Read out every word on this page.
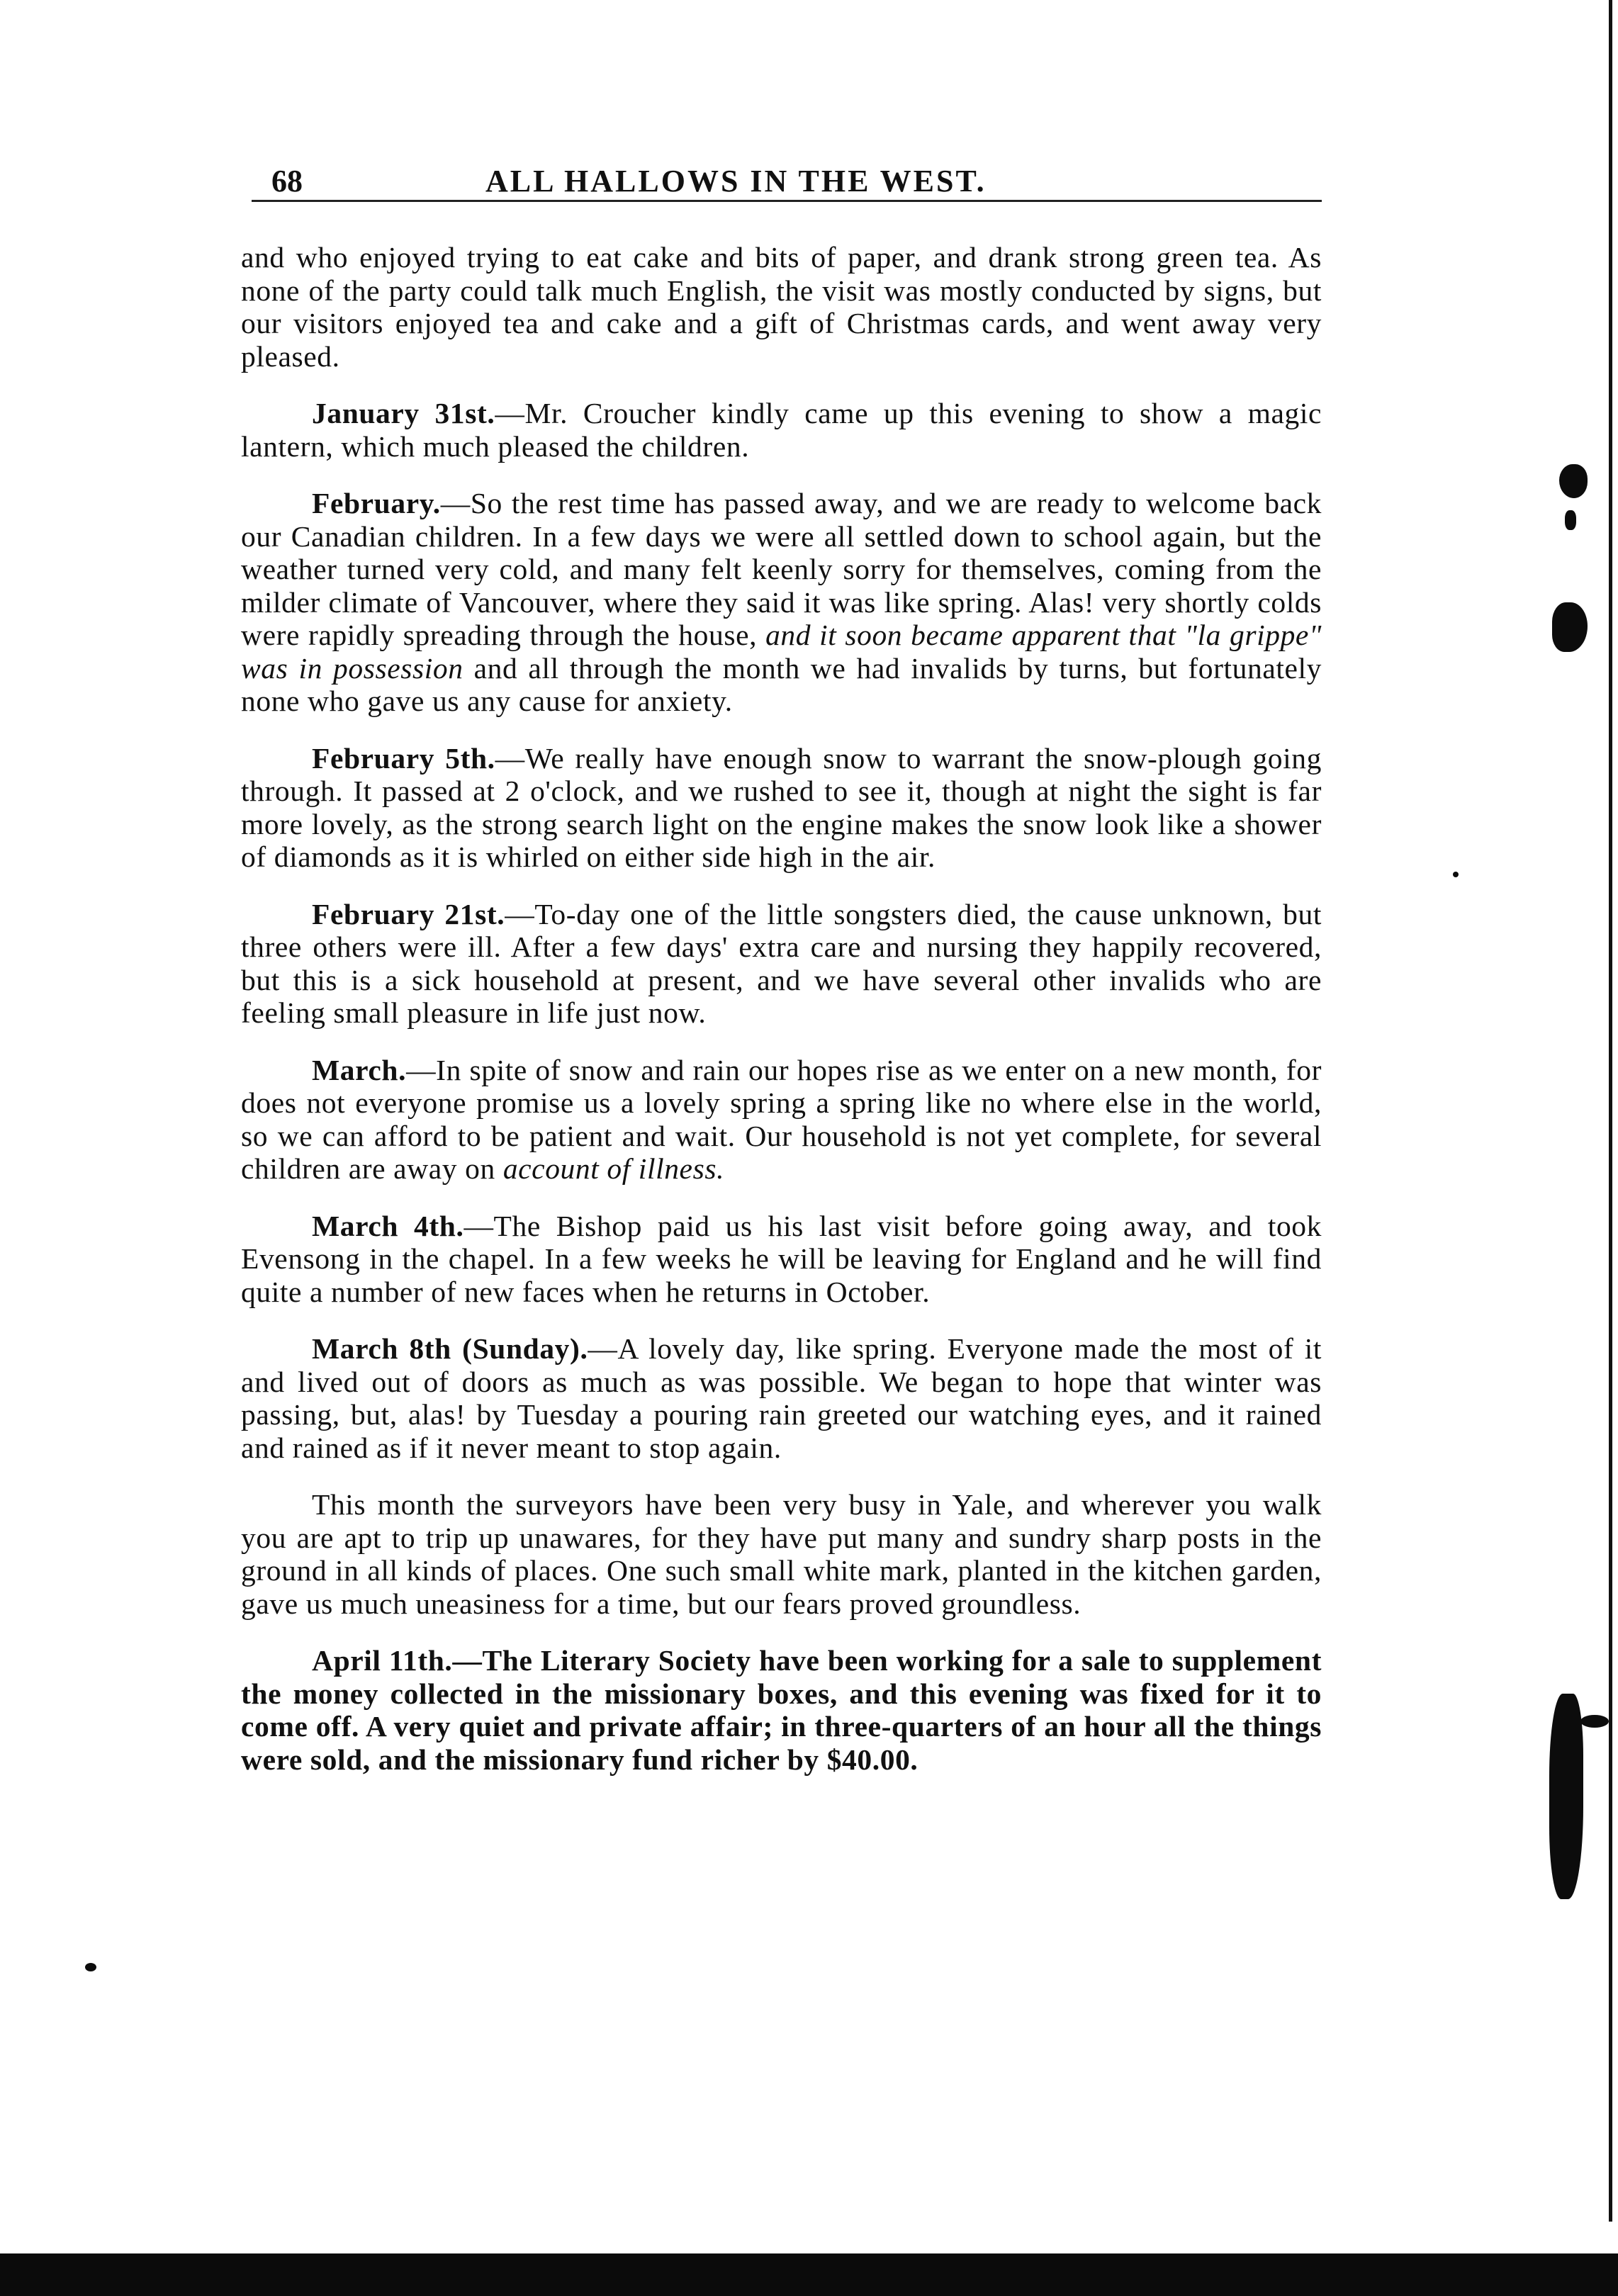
68	ALL HALLOWS IN THE WEST.

and who enjoyed trying to eat cake and bits of paper, and drank strong green tea. As none of the party could talk much English, the visit was mostly conducted by signs, but our visitors enjoyed tea and cake and a gift of Christmas cards, and went away very pleased.

January 31st.—Mr. Croucher kindly came up this evening to show a magic lantern, which much pleased the children.

February.—So the rest time has passed away, and we are ready to welcome back our Canadian children. In a few days we were all settled down to school again, but the weather turned very cold, and many felt keenly sorry for themselves, coming from the milder climate of Vancouver, where they said it was like spring. Alas! very shortly colds were rapidly spreading through the house, and it soon became apparent that "la grippe" was in possession and all through the month we had invalids by turns, but fortunately none who gave us any cause for anxiety.

February 5th.—We really have enough snow to warrant the snow-plough going through. It passed at 2 o'clock, and we rushed to see it, though at night the sight is far more lovely, as the strong search light on the engine makes the snow look like a shower of diamonds as it is whirled on either side high in the air.

February 21st.—To-day one of the little songsters died, the cause unknown, but three others were ill. After a few days' extra care and nursing they happily recovered, but this is a sick household at present, and we have several other invalids who are feeling small pleasure in life just now.

March.—In spite of snow and rain our hopes rise as we enter on a new month, for does not everyone promise us a lovely spring a spring like no where else in the world, so we can afford to be patient and wait. Our household is not yet complete, for several children are away on account of illness.

March 4th.—The Bishop paid us his last visit before going away, and took Evensong in the chapel. In a few weeks he will be leaving for England and he will find quite a number of new faces when he returns in October.

March 8th (Sunday).—A lovely day, like spring. Everyone made the most of it and lived out of doors as much as was possible. We began to hope that winter was passing, but, alas! by Tuesday a pouring rain greeted our watching eyes, and it rained and rained as if it never meant to stop again.

This month the surveyors have been very busy in Yale, and wherever you walk you are apt to trip up unawares, for they have put many and sundry sharp posts in the ground in all kinds of places. One such small white mark, planted in the kitchen garden, gave us much uneasiness for a time, but our fears proved groundless.

April 11th.—The Literary Society have been working for a sale to supplement the money collected in the missionary boxes, and this evening was fixed for it to come off. A very quiet and private affair; in three-quarters of an hour all the things were sold, and the missionary fund richer by $40.00.
